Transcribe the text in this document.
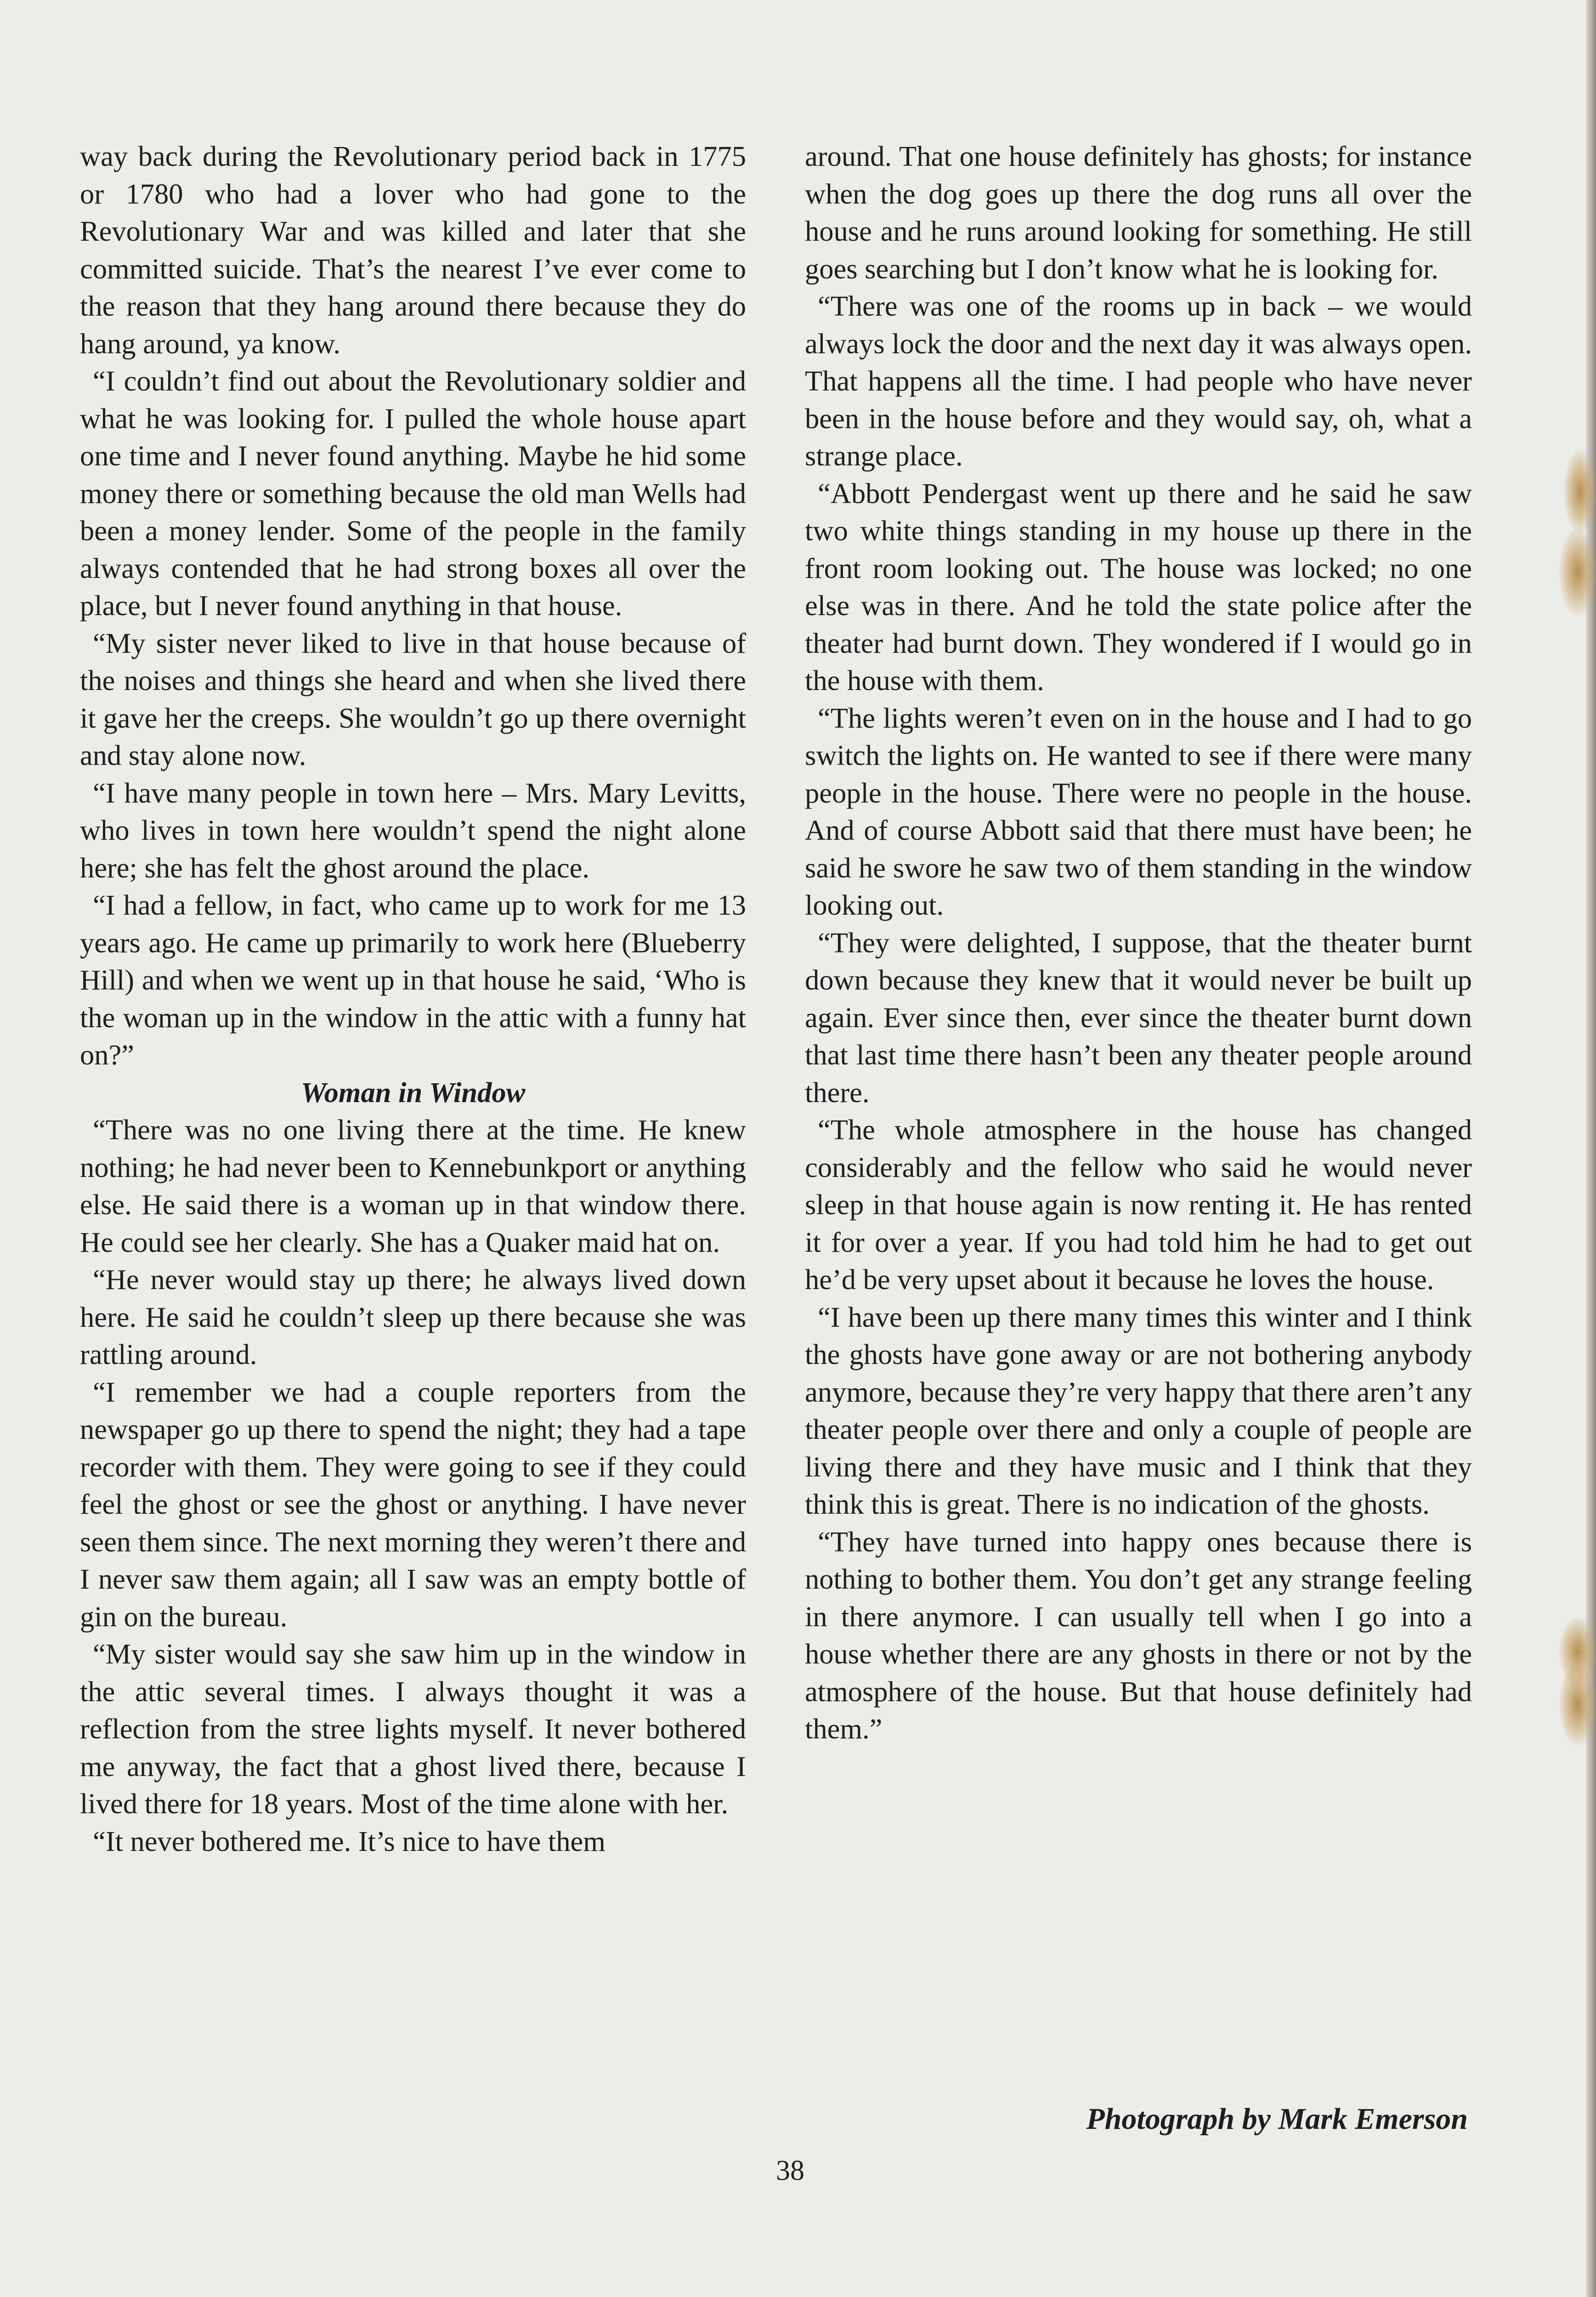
way back during the Revolutionary period back in 1775 or 1780 who had a lover who had gone to the Revolutionary War and was killed and later that she committed suicide. That’s the nearest I’ve ever come to the reason that they hang around there because they do hang around, ya know.

“I couldn’t find out about the Revolutionary soldier and what he was looking for. I pulled the whole house apart one time and I never found anything. Maybe he hid some money there or something because the old man Wells had been a money lender. Some of the people in the family always contended that he had strong boxes all over the place, but I never found anything in that house.

“My sister never liked to live in that house because of the noises and things she heard and when she lived there it gave her the creeps. She wouldn’t go up there overnight and stay alone now.

“I have many people in town here – Mrs. Mary Levitts, who lives in town here wouldn’t spend the night alone here; she has felt the ghost around the place.

“I had a fellow, in fact, who came up to work for me 13 years ago. He came up primarily to work here (Blueberry Hill) and when we went up in that house he said, ‘Who is the woman up in the window in the attic with a funny hat on?”

Woman in Window

“There was no one living there at the time. He knew nothing; he had never been to Kennebunkport or anything else. He said there is a woman up in that window there. He could see her clearly. She has a Quaker maid hat on.

“He never would stay up there; he always lived down here. He said he couldn’t sleep up there because she was rattling around.

“I remember we had a couple reporters from the newspaper go up there to spend the night; they had a tape recorder with them. They were going to see if they could feel the ghost or see the ghost or anything. I have never seen them since. The next morning they weren’t there and I never saw them again; all I saw was an empty bottle of gin on the bureau.

“My sister would say she saw him up in the window in the attic several times. I always thought it was a reflection from the stree lights myself. It never bothered me anyway, the fact that a ghost lived there, because I lived there for 18 years. Most of the time alone with her.

“It never bothered me. It’s nice to have them

around. That one house definitely has ghosts; for instance when the dog goes up there the dog runs all over the house and he runs around looking for something. He still goes searching but I don’t know what he is looking for.

“There was one of the rooms up in back – we would always lock the door and the next day it was always open. That happens all the time. I had people who have never been in the house before and they would say, oh, what a strange place.

“Abbott Pendergast went up there and he said he saw two white things standing in my house up there in the front room looking out. The house was locked; no one else was in there. And he told the state police after the theater had burnt down. They wondered if I would go in the house with them.

“The lights weren’t even on in the house and I had to go switch the lights on. He wanted to see if there were many people in the house. There were no people in the house. And of course Abbott said that there must have been; he said he swore he saw two of them standing in the window looking out.

“They were delighted, I suppose, that the theater burnt down because they knew that it would never be built up again. Ever since then, ever since the theater burnt down that last time there hasn’t been any theater people around there.

“The whole atmosphere in the house has changed considerably and the fellow who said he would never sleep in that house again is now renting it. He has rented it for over a year. If you had told him he had to get out he’d be very upset about it because he loves the house.

“I have been up there many times this winter and I think the ghosts have gone away or are not bothering anybody anymore, because they’re very happy that there aren’t any theater people over there and only a couple of people are living there and they have music and I think that they think this is great. There is no indication of the ghosts.

“They have turned into happy ones because there is nothing to bother them. You don’t get any strange feeling in there anymore. I can usually tell when I go into a house whether there are any ghosts in there or not by the atmosphere of the house. But that house definitely had them.”

Photograph by Mark Emerson
38
